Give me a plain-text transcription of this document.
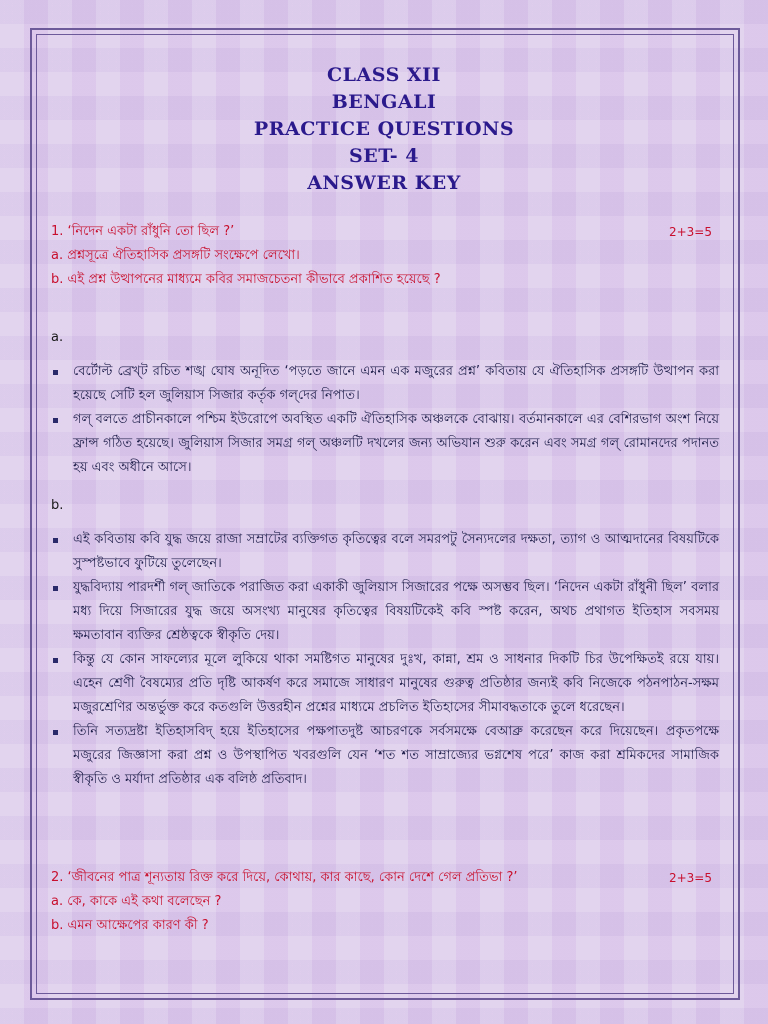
CLASS XII
BENGALI
PRACTICE QUESTIONS
SET- 4
ANSWER KEY
1. ‘নিদেন একটা রাঁধুনি তো ছিল ?’	2+3=5
a. প্রশ্নসূত্রে ঐতিহাসিক প্রসঙ্গটি সংক্ষেপে লেখো।
b. এই প্রশ্ন উত্থাপনের মাধ্যমে কবির সমাজচেতনা কীভাবে প্রকাশিত হয়েছে ?
a.
বের্টোল্ট ব্রেখ্‌ট রচিত শঙ্খ ঘোষ অনূদিত ‘পড়তে জানে এমন এক মজুরের প্রশ্ন’ কবিতায় যে ঐতিহাসিক প্রসঙ্গটি উত্থাপন করা হয়েছে সেটি হল জুলিয়াস সিজার কর্তৃক গল্‌দের নিপাত।
গল্‌ বলতে প্রাচীনকালে পশ্চিম ইউরোপে অবস্থিত একটি ঐতিহাসিক অঞ্চলকে বোঝায়। বর্তমানকালে এর বেশিরভাগ অংশ নিয়ে ফ্রান্স গঠিত হয়েছে। জুলিয়াস সিজার সমগ্র গল্‌ অঞ্চলটি দখলের জন্য অভিযান শুরু করেন এবং সমগ্র গল্‌ রোমানদের পদানত হয় এবং অধীনে আসে।
b.
এই কবিতায় কবি যুদ্ধ জয়ে রাজা সম্রাটের ব্যক্তিগত কৃতিত্বের বলে সমরপটু সৈন্যদলের দক্ষতা, ত্যাগ ও আত্মদানের বিষয়টিকে সুস্পষ্টভাবে ফুটিয়ে তুলেছেন।
যুদ্ধবিদ্যায় পারদর্শী গল্‌ জাতিকে পরাজিত করা একাকী জুলিয়াস সিজারের পক্ষে অসম্ভব ছিল। ‘নিদেন একটা রাঁধুনী ছিল’ বলার মধ্য দিয়ে সিজারের যুদ্ধ জয়ে অসংখ্য মানুষের কৃতিত্বের বিষয়টিকেই কবি স্পষ্ট করেন, অথচ প্রথাগত ইতিহাস সবসময় ক্ষমতাবান ব্যক্তির শ্রেষ্ঠত্বকে স্বীকৃতি দেয়।
কিন্তু যে কোন সাফল্যের মূলে লুকিয়ে থাকা সমষ্টিগত মানুষের দুঃখ, কান্না, শ্রম ও সাধনার দিকটি চির উপেক্ষিতই রয়ে যায়। এহেন শ্রেণী বৈষম্যের প্রতি দৃষ্টি আকর্ষণ করে সমাজে সাধারণ মানুষের গুরুত্ব প্রতিষ্ঠার জন্যই কবি নিজেকে পঠনপাঠন-সক্ষম মজুরশ্রেণির অন্তর্ভুক্ত করে কতগুলি উত্তরহীন প্রশ্নের মাধ্যমে প্রচলিত ইতিহাসের সীমাবদ্ধতাকে তুলে ধরেছেন।
তিনি সত্যদ্রষ্টা ইতিহাসবিদ্‌ হয়ে ইতিহাসের পক্ষপাতদুষ্ট আচরণকে সর্বসমক্ষে বেআব্রু করেছেন করে দিয়েছেন। প্রকৃতপক্ষে মজুরের জিজ্ঞাসা করা প্রশ্ন ও উপস্থাপিত খবরগুলি যেন ‘শত শত সাম্রাজ্যের ভগ্নশেষ পরে’ কাজ করা শ্রমিকদের সামাজিক স্বীকৃতি ও মর্যাদা প্রতিষ্ঠার এক বলিষ্ঠ প্রতিবাদ।
2. ‘জীবনের পাত্র শূন্যতায় রিক্ত করে দিয়ে, কোথায়, কার কাছে, কোন দেশে গেল প্রতিভা ?’	2+3=5
a. কে, কাকে এই কথা বলেছেন ?
b. এমন আক্ষেপের কারণ কী ?
